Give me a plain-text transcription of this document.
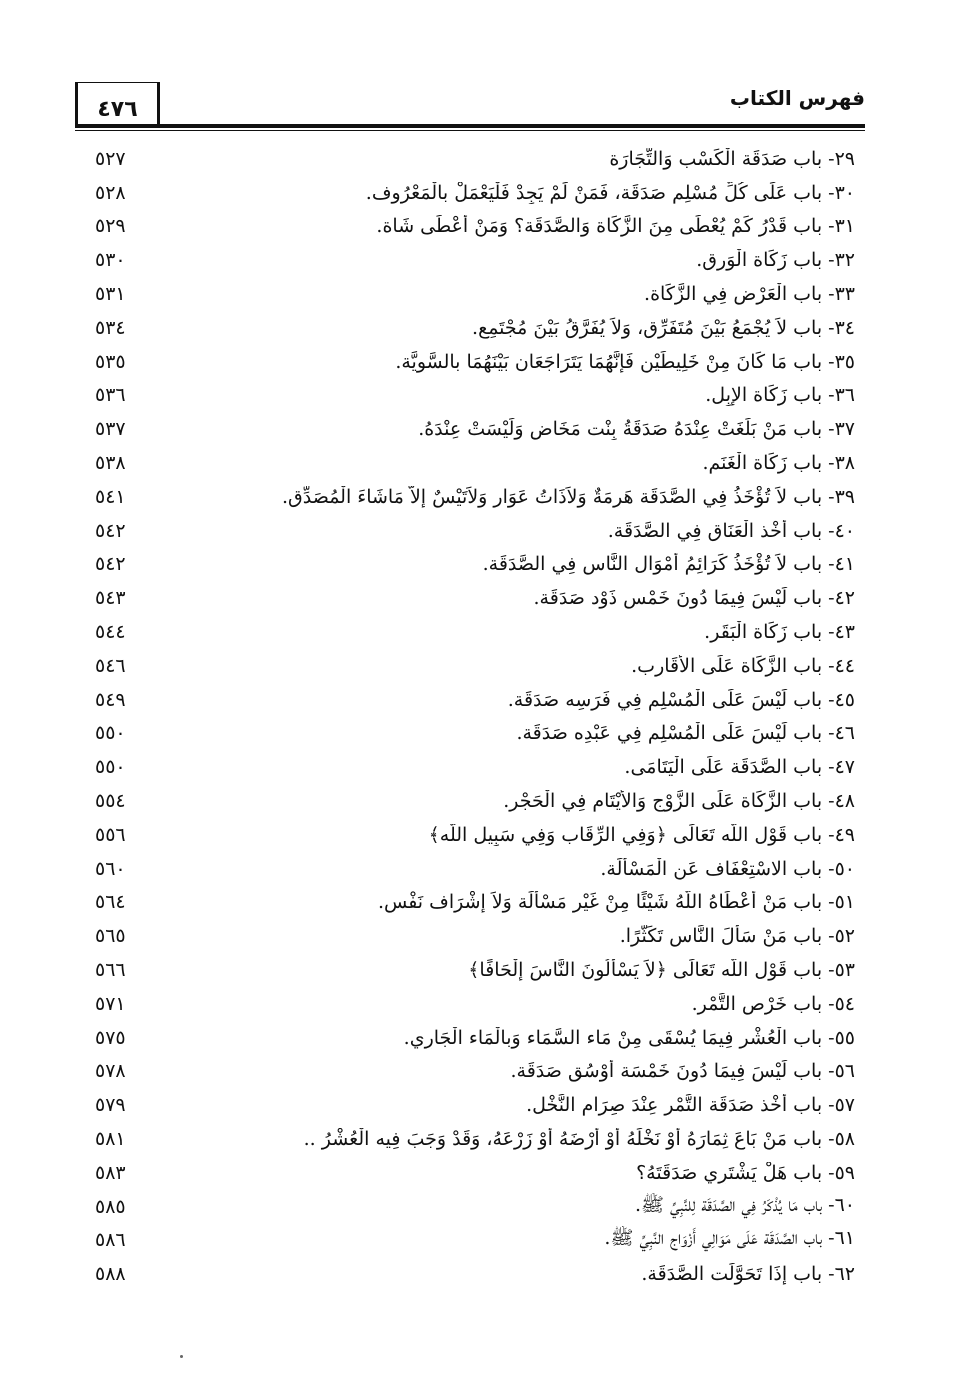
٤٧٦	فهرس الكتاب
٢٩- باب صَدَقَة الْكَسْب وَالتِّجَارَة
٥٢٧
٣٠- باب عَلَى كُلِّ مُسْلِم صَدَقَة، فَمَنْ لَمْ يَجِدْ فَلْيَعْمَلْ بالْمَعْرُوف.
٥٢٨
٣١- باب قَدْرُ كَمْ يُعْطَى مِنَ الزَّكَاة وَالصَّدَقَة؟ وَمَنْ أَعْطَى شَاة.
٥٢٩
٣٢- باب زَكَاة الْوَرِق.
٥٣٠
٣٣- باب الْعَرْض فِي الزَّكَاة.
٥٣١
٣٤- باب لاَ يُجْمَعُ بَيْنَ مُتَفَرِّق، وَلاَ يُفَرَّقُ بَيْنَ مُجْتَمِع.
٥٣٤
٣٥- باب مَا كَانَ مِنْ خَلِيطَيْنِ فَإِنَّهُمَا يَتَرَاجَعَان بَيْنَهُمَا بالسَّوِيَّة.
٥٣٥
٣٦- باب زَكَاة الإِبِل.
٥٣٦
٣٧- باب مَنْ بَلَغَتْ عِنْدَهُ صَدَقَةُ بِنْت مَخَاض وَلَيْسَتْ عِنْدَهُ.
٥٣٧
٣٨- باب زَكَاة الْغَنَم.
٥٣٨
٣٩- باب لاَ تُؤْخَذُ فِي الصَّدَقَة هَرِمَةٌ وَلاَذَاتُ عَوَار وَلاَتَيْسٌ إِلاَّ مَاشَاءَ الْمُصَدِّق.
٥٤١
٤٠- باب أَخْذ الْعَنَاق فِي الصَّدَقَة.
٥٤٢
٤١- باب لاَ تُؤْخَذُ كَرَائِمُ أَمْوَال النَّاس فِي الصَّدَقَة.
٥٤٢
٤٢- باب لَيْسَ فِيمَا دُونَ خَمْسِ ذَوْد صَدَقَة.
٥٤٣
٤٣- باب زَكَاة الْبَقَر.
٥٤٤
٤٤- باب الزَّكَاة عَلَى الأَقَارِب.
٥٤٦
٤٥- باب لَيْسَ عَلَى الْمُسْلِمِ فِي فَرَسِه صَدَقَة.
٥٤٩
٤٦- باب لَيْسَ عَلَى الْمُسْلِم فِي عَبْدِه صَدَقَة.
٥٥٠
٤٧- باب الصَّدَقَة عَلَى الْيَتَامَى.
٥٥٠
٤٨- باب الزَّكَاة عَلَى الزَّوْج وَالأَيْتَام فِي الْحَجْر.
٥٥٤
٤٩- باب قَوْل اللَّه تَعَالَى ﴿وَفِي الرِّقَاب وَفِي سَبِيل اللَّه﴾
٥٥٦
٥٠- باب الاسْتِعْفَاف عَنِ الْمَسْأَلَة.
٥٦٠
٥١- باب مَنْ أَعْطَاهُ اللَّهُ شَيْئًا مِنْ غَيْر مَسْأَلَة وَلاَ إِشْرَاف نَفْس.
٥٦٤
٥٢- باب مَنْ سَأَلَ النَّاس تَكَثُّرًا.
٥٦٥
٥٣- باب قَوْل اللَّه تَعَالَى ﴿لاَ يَسْأَلُونَ النَّاسَ إِلْحَافًا﴾
٥٦٦
٥٤- باب خَرْص التَّمْر.
٥٧١
٥٥- باب الْعُشْر فِيمَا يُسْقَى مِنْ مَاء السَّمَاء وَبالْمَاء الْجَارِي.
٥٧٥
٥٦- باب لَيْسَ فِيمَا دُونَ خَمْسَة أَوْسُق صَدَقَة.
٥٧٨
٥٧- باب أَخْذ صَدَقَة التَّمْر عِنْدَ صِرَام النَّخْل.
٥٧٩
٥٨- باب مَنْ بَاعَ ثِمَارَهُ أَوْ نَخْلَهُ أَوْ أَرْضَهُ أَوْ زَرْعَهُ، وَقَدْ وَجَبَ فِيه الْعُشْرُ ..
٥٨١
٥٩- باب هَلْ يَشْتَرِي صَدَقَتَهُ؟
٥٨٣
٦٠- باب مَا يُذْكَرُ فِي الصَّدَقَة لِلنَّبِيِّ ﷺ.
٥٨٥
٦١- باب الصَّدَقَة عَلَى مَوَالِي أَزْوَاج النَّبِيِّ ﷺ.
٥٨٦
٦٢- باب إِذَا تَحَوَّلَت الصَّدَقَة.
٥٨٨
